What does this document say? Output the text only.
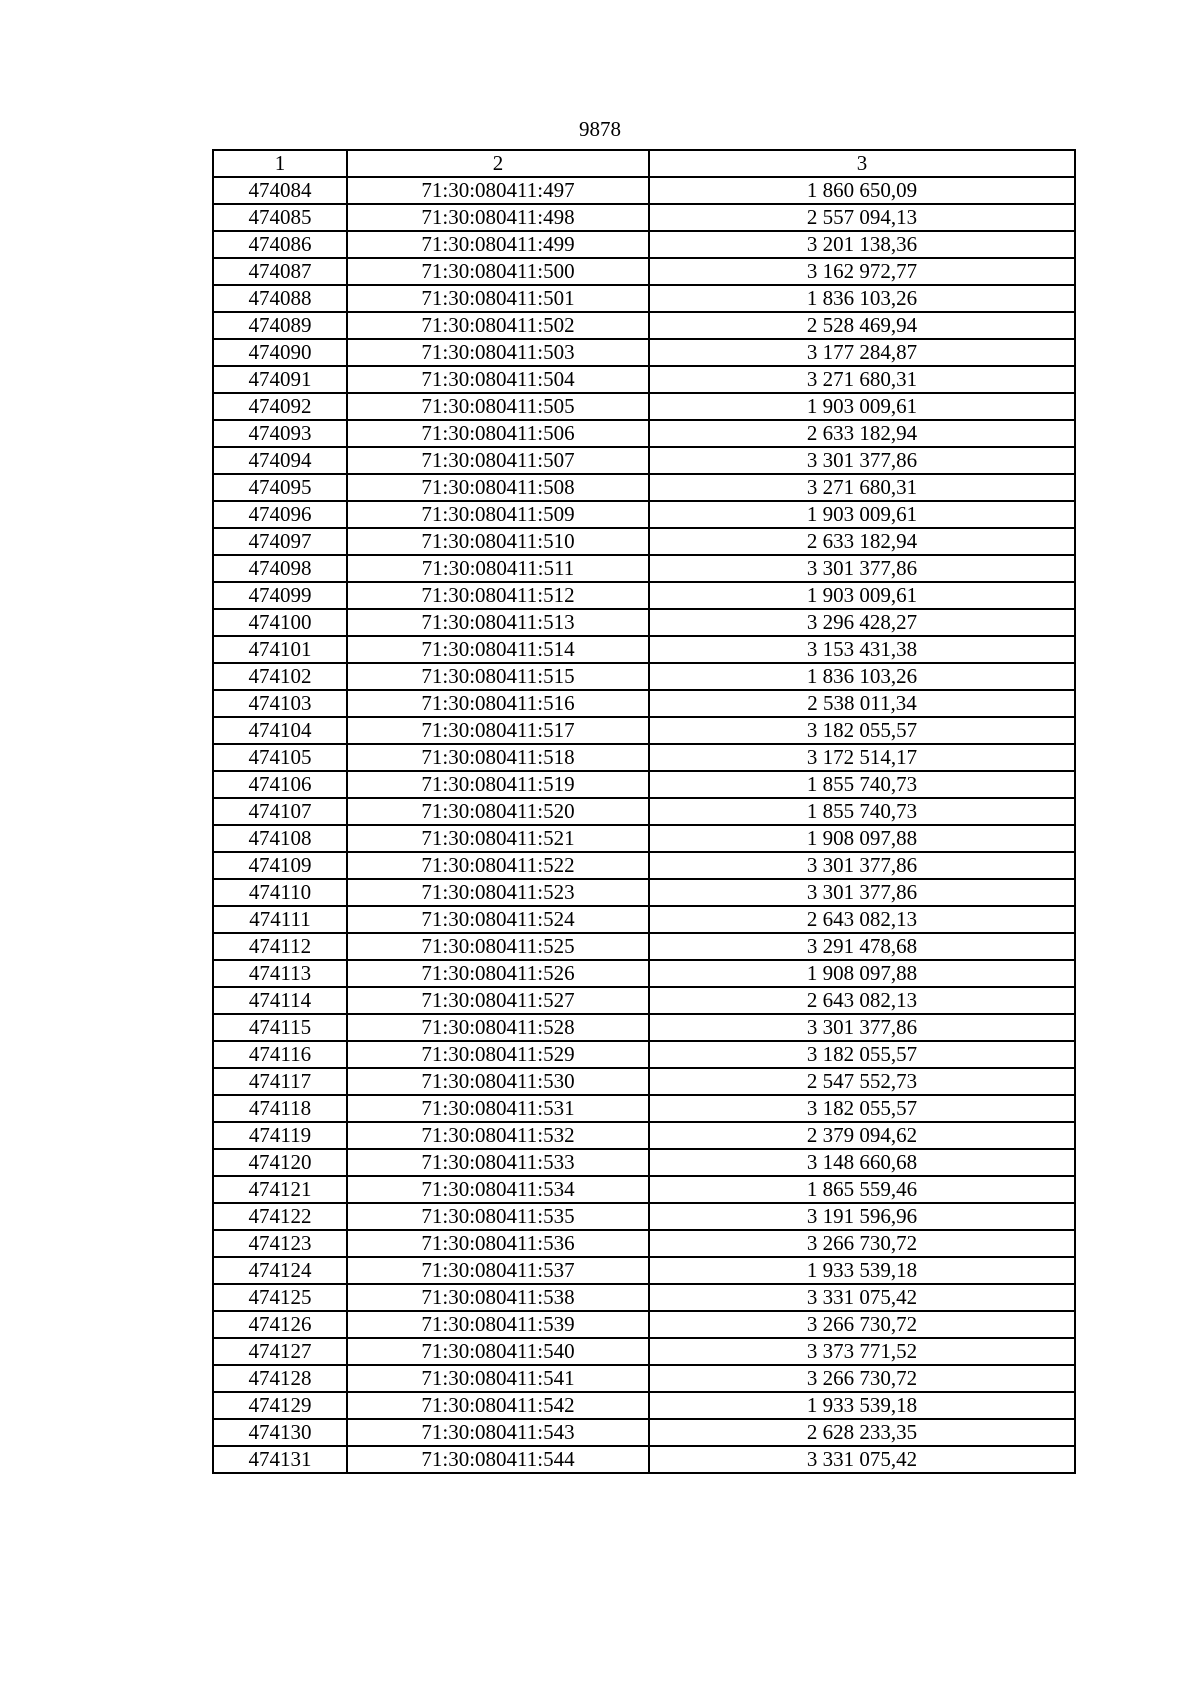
9878
1	2	3
474084	71:30:080411:497	1 860 650,09
474085	71:30:080411:498	2 557 094,13
474086	71:30:080411:499	3 201 138,36
474087	71:30:080411:500	3 162 972,77
474088	71:30:080411:501	1 836 103,26
474089	71:30:080411:502	2 528 469,94
474090	71:30:080411:503	3 177 284,87
474091	71:30:080411:504	3 271 680,31
474092	71:30:080411:505	1 903 009,61
474093	71:30:080411:506	2 633 182,94
474094	71:30:080411:507	3 301 377,86
474095	71:30:080411:508	3 271 680,31
474096	71:30:080411:509	1 903 009,61
474097	71:30:080411:510	2 633 182,94
474098	71:30:080411:511	3 301 377,86
474099	71:30:080411:512	1 903 009,61
474100	71:30:080411:513	3 296 428,27
474101	71:30:080411:514	3 153 431,38
474102	71:30:080411:515	1 836 103,26
474103	71:30:080411:516	2 538 011,34
474104	71:30:080411:517	3 182 055,57
474105	71:30:080411:518	3 172 514,17
474106	71:30:080411:519	1 855 740,73
474107	71:30:080411:520	1 855 740,73
474108	71:30:080411:521	1 908 097,88
474109	71:30:080411:522	3 301 377,86
474110	71:30:080411:523	3 301 377,86
474111	71:30:080411:524	2 643 082,13
474112	71:30:080411:525	3 291 478,68
474113	71:30:080411:526	1 908 097,88
474114	71:30:080411:527	2 643 082,13
474115	71:30:080411:528	3 301 377,86
474116	71:30:080411:529	3 182 055,57
474117	71:30:080411:530	2 547 552,73
474118	71:30:080411:531	3 182 055,57
474119	71:30:080411:532	2 379 094,62
474120	71:30:080411:533	3 148 660,68
474121	71:30:080411:534	1 865 559,46
474122	71:30:080411:535	3 191 596,96
474123	71:30:080411:536	3 266 730,72
474124	71:30:080411:537	1 933 539,18
474125	71:30:080411:538	3 331 075,42
474126	71:30:080411:539	3 266 730,72
474127	71:30:080411:540	3 373 771,52
474128	71:30:080411:541	3 266 730,72
474129	71:30:080411:542	1 933 539,18
474130	71:30:080411:543	2 628 233,35
474131	71:30:080411:544	3 331 075,42
